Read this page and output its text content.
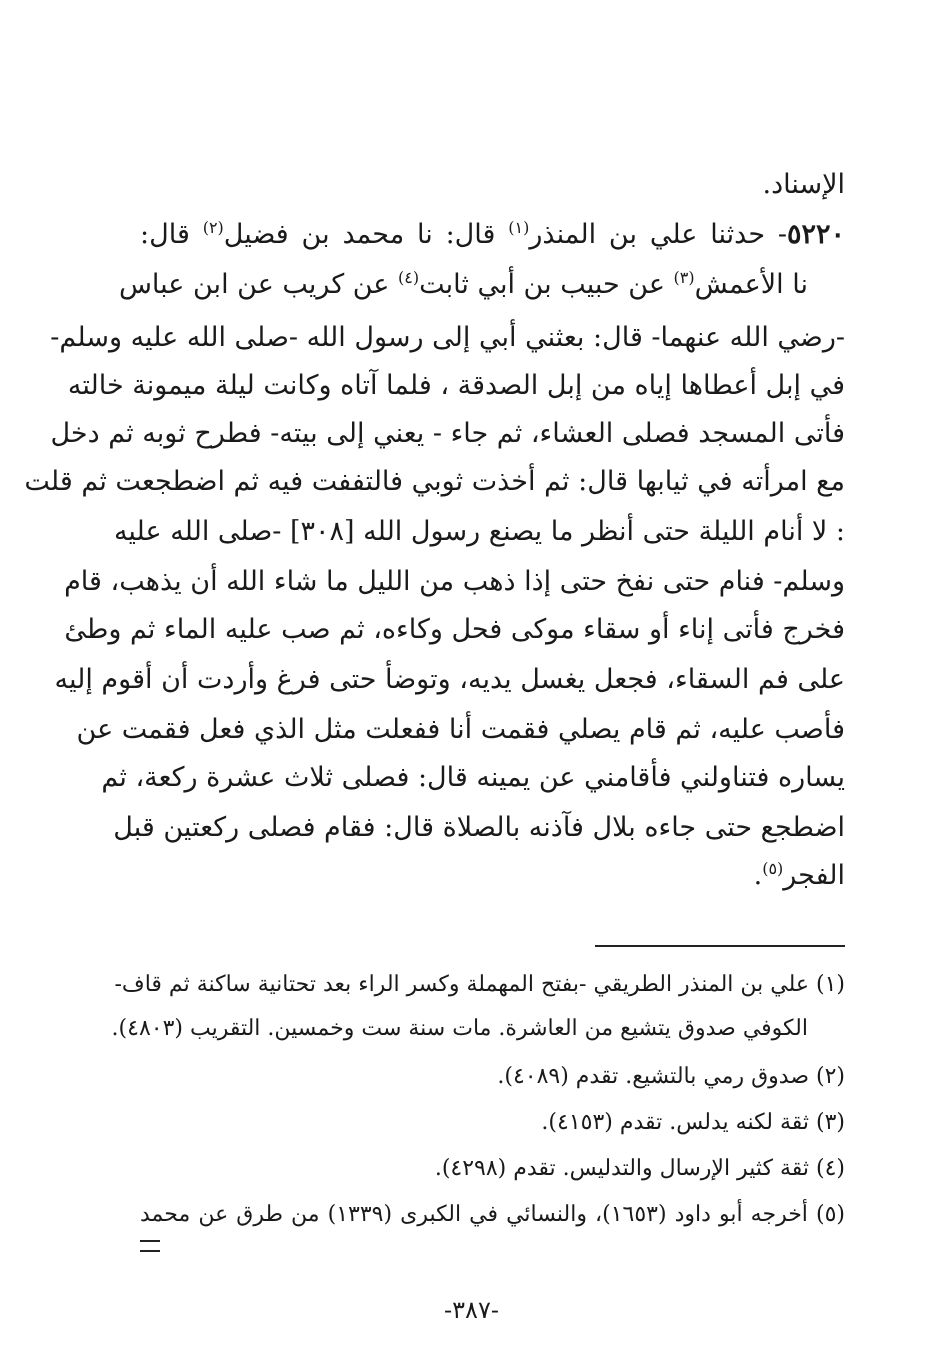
الإسناد.
٥٢٢٠- حدثنا علي بن المنذر$^{(١)}$ قال: نا محمد بن فضيل$^{(٢)}$ قال:
نا الأعمش$^{(٣)}$ عن حبيب بن أبي ثابت$^{(٤)}$ عن كريب عن ابن عباس
-رضي الله عنهما- قال: بعثني أبي إلى رسول الله -صلى الله عليه وسلم-
في إبل أعطاها إياه من إبل الصدقة ، فلما آتاه وكانت ليلة ميمونة خالته
فأتى المسجد فصلى العشاء، ثم جاء - يعني إلى بيته- فطرح ثوبه ثم دخل
مع امرأته في ثيابها قال: ثم أخذت ثوبي فالتففت فيه ثم اضطجعت ثم قلت
: لا أنام الليلة حتى أنظر ما يصنع رسول الله [٣٠٨] -صلى الله عليه
وسلم- فنام حتى نفخ حتى إذا ذهب من الليل ما شاء الله أن يذهب، قام
فخرج فأتى إناء أو سقاء موكى فحل وكاءه، ثم صب عليه الماء ثم وطئ
على فم السقاء، فجعل يغسل يديه، وتوضأ حتى فرغ وأردت أن أقوم إليه
فأصب عليه، ثم قام يصلي فقمت أنا ففعلت مثل الذي فعل فقمت عن
يساره فتناولني فأقامني عن يمينه قال: فصلى ثلاث عشرة ركعة، ثم
اضطجع حتى جاءه بلال فآذنه بالصلاة قال: فقام فصلى ركعتين قبل
الفجر$^{(٥)}$.
(١) علي بن المنذر الطريقي -بفتح المهملة وكسر الراء بعد تحتانية ساكنة ثم قاف-
الكوفي صدوق يتشيع من العاشرة. مات سنة ست وخمسين. التقريب (٤٨٠٣).
(٢) صدوق رمي بالتشيع. تقدم (٤٠٨٩).
(٣) ثقة لكنه يدلس. تقدم (٤١٥٣).
(٤) ثقة كثير الإرسال والتدليس. تقدم (٤٢٩٨).
(٥) أخرجه أبو داود (١٦٥٣)، والنسائي في الكبرى (١٣٣٩) من طرق عن محمد
-٣٨٧-
